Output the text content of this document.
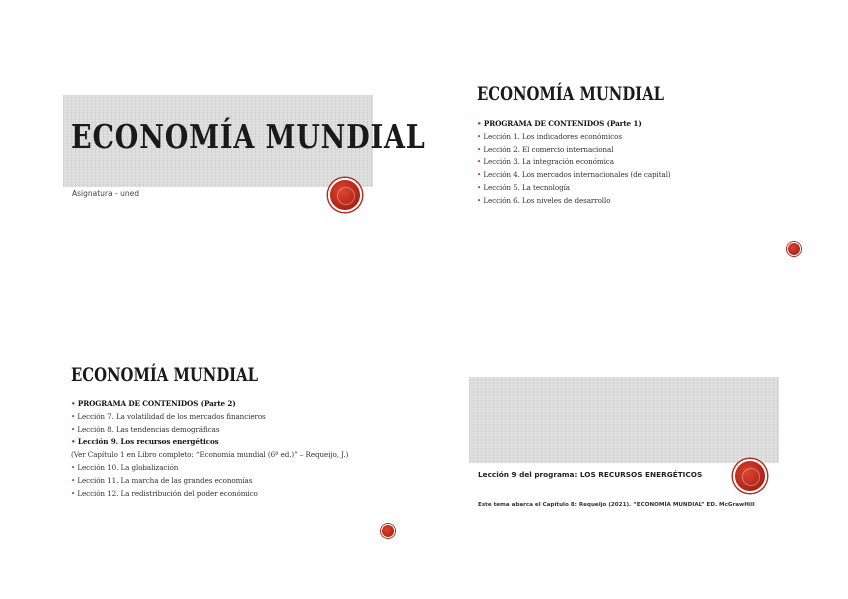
ECONOMÍA MUNDIAL
Asignatura - uned
ECONOMÍA MUNDIAL
• PROGRAMA DE CONTENIDOS (Parte 1)
• Lección 1. Los indicadores económicos
• Lección 2. El comercio internacional
• Lección 3. La integración económica
• Lección 4. Los mercados internacionales (de capital)
• Lección 5. La tecnología
• Lección 6. Los niveles de desarrollo
ECONOMÍA MUNDIAL
• PROGRAMA DE CONTENIDOS (Parte 2)
• Lección 7. La volatilidad de los mercados financieros
• Lección 8. Las tendencias demográficas
• Lección 9. Los recursos energéticos
(Ver Capítulo 1 en Libro completo: “Economía mundial (6ª ed.)” – Requeijo, J.)
• Lección 10. La globalización
• Lección 11. La marcha de las grandes economías
• Lección 12. La redistribución del poder económico
Lección 9 del programa: LOS RECURSOS ENERGÉTICOS
Este tema abarca el Capítulo 8: Requeijo (2021). “ECONOMÍA MUNDIAL” ED. McGrawHill
